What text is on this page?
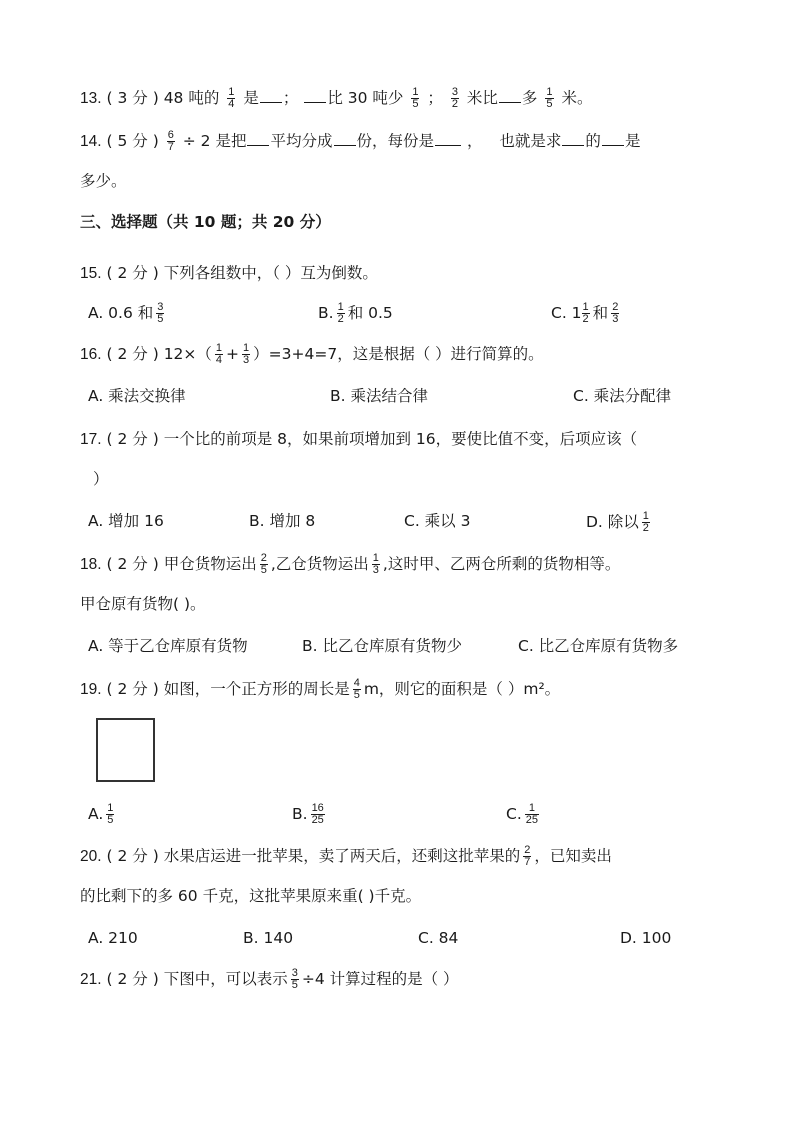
13. ( 3 分 ) 48 吨的 $\frac{1}{4}$ 是 ； 比 30 吨少 $\frac{1}{5}$ ； $\frac{3}{2}$ 米比 多 $\frac{1}{5}$ 米。
14. ( 5 分 ) $\frac{6}{7} \div 2$ 是把 平均分成 份，每份是 ， 也就是求 的 是
多少。
三、选择题（共 10 题；共 20 分）
15. ( 2 分 ) 下列各组数中，（ ）互为倒数。
A. 0.6 和 $\frac{3}{5}$	B. $\frac{1}{2}$ 和 0.5	C. $1 \frac{1}{2}$ 和 $\frac{2}{3}$
16. ( 2 分 ) $12\times( \frac{1}{4} + \frac{1}{3} )=3+4=7$，这是根据（ ）进行简算的。
A. 乘法交换律	B. 乘法结合律	C. 乘法分配律
17. ( 2 分 ) 一个比的前项是 8，如果前项增加到 16，要使比值不变，后项应该（
）
A. 增加 16	B. 增加 8	C. 乘以 3	D. 除以 $\frac{1}{2}$
18. ( 2 分 ) 甲仓货物运出 $\frac{2}{5}$ ,乙仓货物运出 $\frac{1}{3}$ ,这时甲、乙两仓所剩的货物相等。
甲仓原有货物( )。
A. 等于乙仓库原有货物	B. 比乙仓库原有货物少	C. 比乙仓库原有货物多
19. ( 2 分 ) 如图，一个正方形的周长是 $\frac{4}{5}$ m，则它的面积是（ ）m²。
A. $\frac{1}{5}$	B. $\frac{16}{25}$	C. $\frac{1}{25}$
20. ( 2 分 ) 水果店运进一批苹果，卖了两天后，还剩这批苹果的 $\frac{2}{7}$ ，已知卖出
的比剩下的多 60 千克，这批苹果原来重( )千克。
A. 210	B. 140	C. 84	D. 100
21. ( 2 分 ) 下图中，可以表示 $\frac{3}{5} \div 4$ 计算过程的是（ ）
